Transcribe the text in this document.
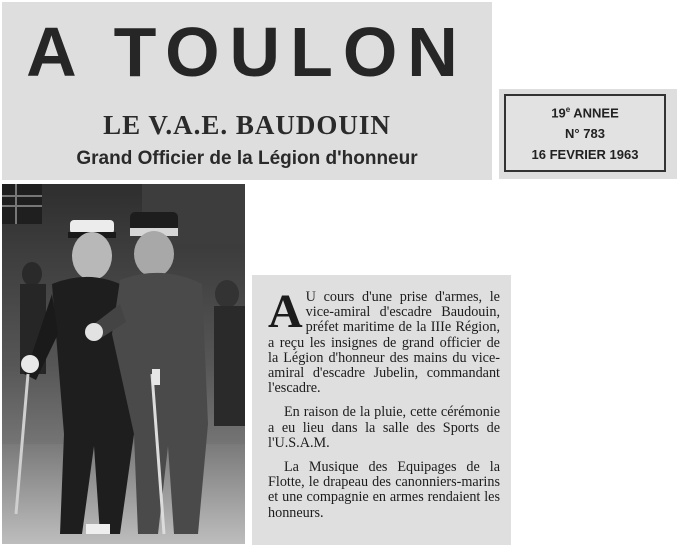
A TOULON
LE V.A.E. BAUDOUIN
Grand Officier de la Légion d'honneur
19e ANNEE
N° 783
16 FEVRIER 1963

A U cours d'une prise d'armes, le vice-amiral d'escadre Baudouin, préfet maritime de la IIIe Région, a reçu les insignes de grand officier de la Légion d'honneur des mains du vice-amiral d'escadre Jubelin, commandant l'escadre.

En raison de la pluie, cette cérémonie a eu lieu dans la salle des Sports de l'U.S.A.M.

La Musique des Equipages de la Flotte, le drapeau des canonniers-marins et une compagnie en armes rendaient les honneurs.
